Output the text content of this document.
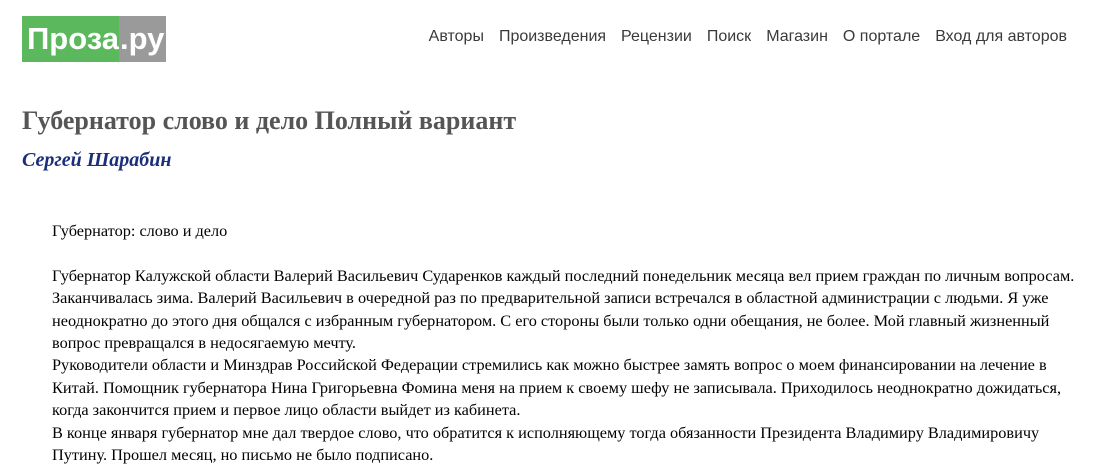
Проза .ру	Авторы Произведения Рецензии Поиск Магазин О портале Вход для авторов
Губернатор слово и дело Полный вариант
Сергей Шарабин

Губернатор: слово и дело

Губернатор Калужской области Валерий Васильевич Судаpенков каждый последний понедельник месяца вел прием граждан по личным вопросам. Заканчивалась зима. Валерий Васильевич в очередной раз по предварительной записи встречался в областной администрации с людьми. Я уже неоднократно до этого дня общался с избранным губернатором. С его стороны были только одни обещания, не более. Мой главный жизненный вопрос превращался в недосягаемую мечту.

Руководители области и Минздрав Российской Федерации стремились как можно быстрее замять вопрос о моем финансировании на лечение в Китай. Помощник губернатора Нина Григорьевна Фомина меня на прием к своему шефу не записывала. Приходилось неоднократно дожидаться, когда закончится прием и первое лицо области выйдет из кабинета.

В конце января губернатор мне дал твердое слово, что обратится к исполняющему тогда обязанности Президента Владимиру Владимировичу Путину. Прошел месяц, но письмо не было подписано.
